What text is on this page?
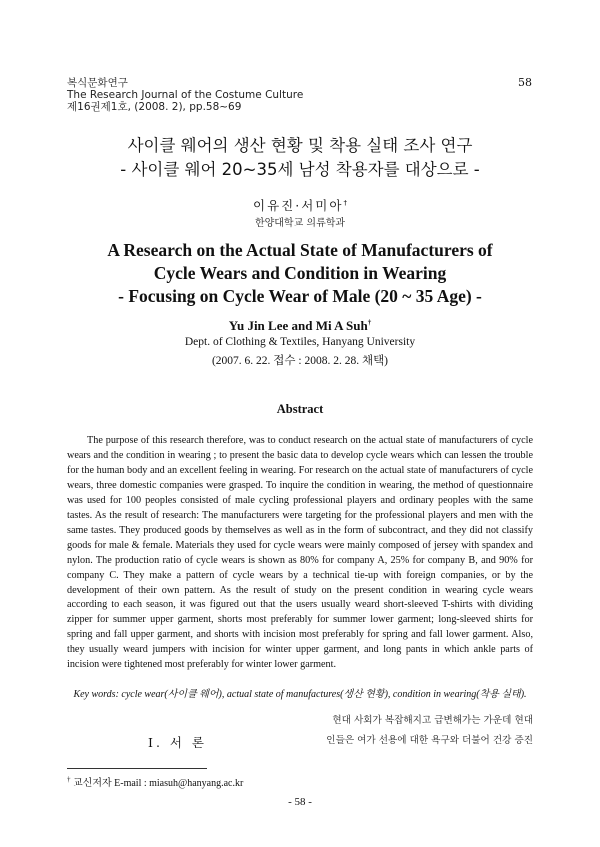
복식문화연구
The Research Journal of the Costume Culture
제16권제1호, (2008. 2), pp.58~69
58
사이클 웨어의 생산 현황 및 착용 실태 조사 연구
- 사이클 웨어 20~35세 남성 착용자를 대상으로 -
이유진·서미아†
한양대학교 의류학과
A Research on the Actual State of Manufacturers of
Cycle Wears and Condition in Wearing
- Focusing on Cycle Wear of Male (20 ~ 35 Age) -
Yu Jin Lee and Mi A Suh†
Dept. of Clothing & Textiles, Hanyang University
(2007. 6. 22. 접수 : 2008. 2. 28. 채택)
Abstract

The purpose of this research therefore, was to conduct research on the actual state of manufacturers of cycle wears and the condition in wearing ; to present the basic data to develop cycle wears which can lessen the trouble for the human body and an excellent feeling in wearing. For research on the actual state of manufacturers of cycle wears, three domestic companies were grasped. To inquire the condition in wearing, the method of questionnaire was used for 100 peoples consisted of male cycling professional players and ordinary peoples with the same tastes. As the result of research: The manufacturers were targeting for the professional players and men with the same tastes. They produced goods by themselves as well as in the form of subcontract, and they did not classify goods for male & female. Materials they used for cycle wears were mainly composed of jersey with spandex and nylon. The production ratio of cycle wears is shown as 80% for company A, 25% for company B, and 90% for company C. They make a pattern of cycle wears by a technical tie-up with foreign companies, or by the development of their own pattern. As the result of study on the present condition in wearing cycle wears according to each season, it was figured out that the users usually weard short-sleeved T-shirts with dividing zipper for summer upper garment, shorts most preferably for summer lower garment; long-sleeved shirts for spring and fall upper garment, and shorts with incision most preferably for spring and fall lower garment. Also, they usually weard jumpers with incision for winter upper garment, and long pants in which ankle parts of incision were tightened most preferably for winter lower garment.

Key words: cycle wear(사이클 웨어), actual state of manufactures(생산 현황), condition in wearing(착용 실태).
현대 사회가 복잡해지고 급변해가는 가운데 현대
인들은 여가 선용에 대한 욕구와 더불어 건강 증진
I. 서 론
† 교신저자 E-mail : miasuh@hanyang.ac.kr
- 58 -
